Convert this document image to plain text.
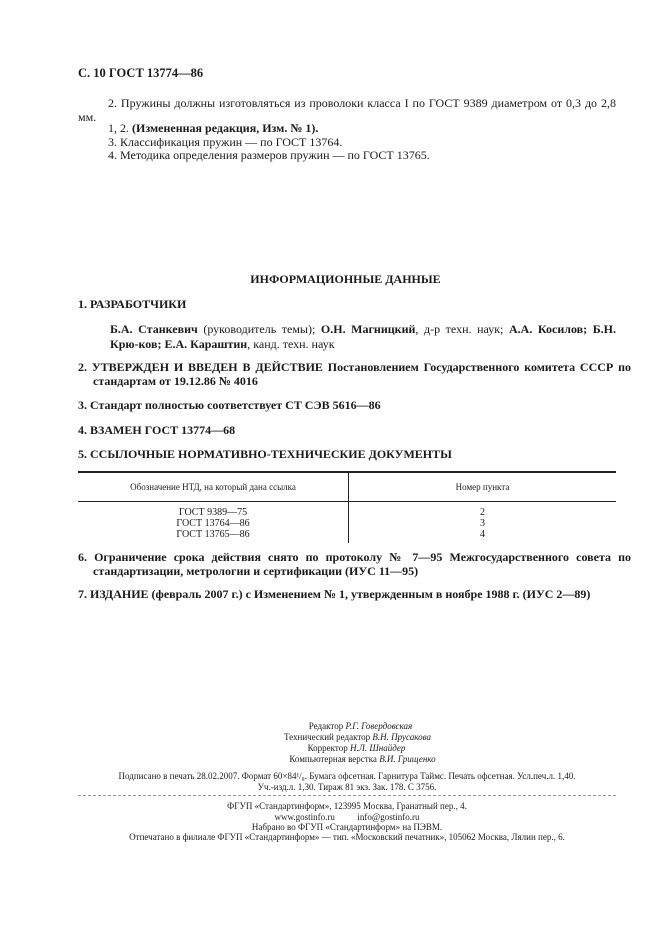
С. 10 ГОСТ 13774—86
2. Пружины должны изготовляться из проволоки класса I по ГОСТ 9389 диаметром от 0,3 до 2,8 мм.
1, 2. (Измененная редакция, Изм. № 1).
3. Классификация пружин — по ГОСТ 13764.
4. Методика определения размеров пружин — по ГОСТ 13765.
ИНФОРМАЦИОННЫЕ ДАННЫЕ
1. РАЗРАБОТЧИКИ
Б.А. Станкевич (руководитель темы); О.Н. Магницкий, д-р техн. наук; А.А. Косилов; Б.Н. Крю-ков; Е.А. Караштин, канд. техн. наук
2. УТВЕРЖДЕН И ВВЕДЕН В ДЕЙСТВИЕ Постановлением Государственного комитета СССР по стандартам от 19.12.86 № 4016
3. Стандарт полностью соответствует СТ СЭВ 5616—86
4. ВЗАМЕН ГОСТ 13774—68
5. ССЫЛОЧНЫЕ НОРМАТИВНО-ТЕХНИЧЕСКИЕ ДОКУМЕНТЫ
Обозначение НТД, на который дана ссылка	Номер пункта
ГОСТ 9389—75	2
ГОСТ 13764—86	3
ГОСТ 13765—86	4
6. Ограничение срока действия снято по протоколу № 7—95 Межгосударственного совета по стандартизации, метрологии и сертификации (ИУС 11—95)
7. ИЗДАНИЕ (февраль 2007 г.) с Изменением № 1, утвержденным в ноябре 1988 г. (ИУС 2—89)
Редактор Р.Г. Говердовская
Технический редактор В.Н. Прусакова
Корректор Н.Л. Шнайдер
Компьютерная верстка В.И. Грищенко
Подписано в печать 28.02.2007. Формат 60×84¹/₈. Бумага офсетная. Гарнитура Таймс. Печать офсетная. Усл.печ.л. 1,40.
Уч.-изд.л. 1,30. Тираж 81 экз. Зак. 178. С 3756.
ФГУП «Стандартинформ», 123995 Москва, Гранатный пер., 4.
www.gostinfo.ru          info@gostinfo.ru
Набрано во ФГУП «Стандартинформ» на ПЭВМ.
Отпечатано в филиале ФГУП «Стандартинформ» — тип. «Московский печатник», 105062 Москва, Лялин пер., 6.
